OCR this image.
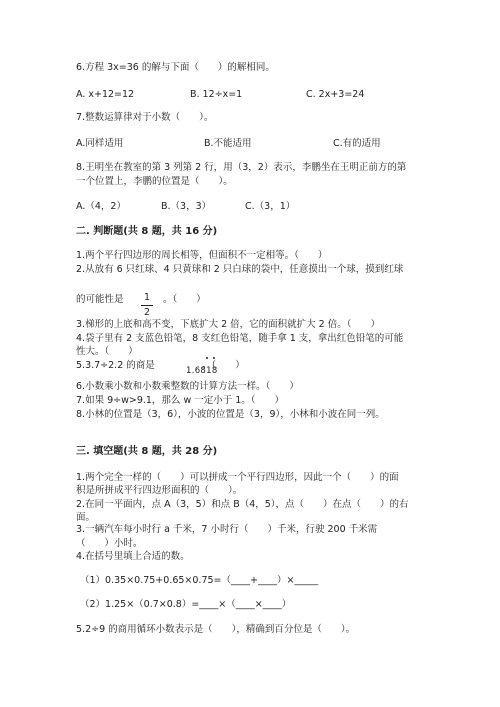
6.方程 3x=36 的解与下面（　　）的解相同。
A. x+12=12	B. 12÷x=1	C. 2x+3=24
7.整数运算律对于小数（　　）。
A.同样适用	B.不能适用	C.有的适用
8.王明坐在教室的第 3 列第 2 行，用（3，2）表示，李鹏坐在王明正前方的第
一个位置上，李鹏的位置是（　　）。
A.（4，2）	B.（3，3）	C.（3，1）
二. 判断题(共 8 题，共 16 分)
1.两个平行四边形的周长相等，但面积不一定相等。（　　）
2.从放有 6 只红球、4 只黄球和 2 只白球的袋中，任意摸出一个球，摸到红球
的可能性是	1
2
。（　　）
3.梯形的上底和高不变，下底扩大 2 倍，它的面积就扩大 2 倍。（　　）
4.袋子里有 2 支蓝色铅笔，8 支红色铅笔，随手拿 1 支，拿出红色铅笔的可能
性大。（　　）
5.3.7÷2.2 的商是	。（　　）
1.6818
6.小数乘小数和小数乘整数的计算方法一样。（　　）
7.如果 9÷w>9.1，那么 w 一定小于 1。（　　）
8.小林的位置是（3，6），小波的位置是（3，9），小林和小波在同一列。
三. 填空题(共 8 题，共 28 分)
1.两个完全一样的（　　）可以拼成一个平行四边形，因此一个（　　）的面
积是所拼成平行四边形面积的（　　）。
2.在同一平面内，点 A（3，5）和点 B（4，5），点（　　）在点（　　）的右
面。
3.一辆汽车每小时行 a 千米，7 小时行（　　）千米，行驶 200 千米需
（　　）小时。
4.在括号里填上合适的数。
（1）0.35×0.75+0.65×0.75=（____+____）×_____
（2）1.25×（0.7×0.8）=____×（____×____）
5.2÷9 的商用循环小数表示是（　　），精确到百分位是（　　）。
